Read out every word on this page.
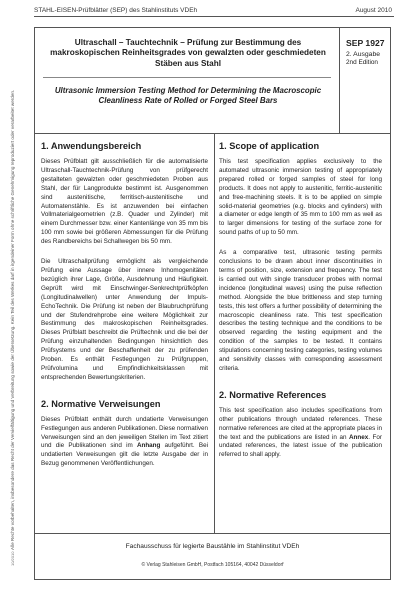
STAHL-EISEN-Prüfblätter (SEP) des Stahlinstituts VDEh	August 2010
Alle Rechte vorbehalten, insbesondere das Recht der Vervielfältigung und Verbreitung sowie der Übersetzung. Kein Teil des Werkes darf in irgendeiner Form ohne schriftliche Genehmigung reproduziert oder verarbeitet werden.
10/2010
Ultraschall – Tauchtechnik – Prüfung zur Bestimmung des makroskopischen Reinheitsgrades von gewalzten oder geschmiedeten Stäben aus Stahl
Ultrasonic Immersion Testing Method for Determining the Macroscopic Cleanliness Rate of Rolled or Forged Steel Bars
SEP 1927
2. Ausgabe
2nd Edition
1. Anwendungsbereich

Dieses Prüfblatt gilt ausschließlich für die automatisierte Ultraschall-Tauchtechnik-Prüfung von prüfgerecht gestalteten gewalzten oder geschmiedeten Proben aus Stahl, der für Langprodukte bestimmt ist. Ausgenommen sind austenitische, ferritisch-austenitische und Automatenstähle. Es ist anzuwenden bei einfachen Vollmaterialgeometrien (z.B. Quader und Zylinder) mit einem Durchmesser bzw. einer Kantenlänge von 35 mm bis 100 mm sowie bei größeren Abmessungen für die Prüfung des Randbereichs bei Schallwegen bis 50 mm.

Die Ultraschallprüfung ermöglicht als vergleichende Prüfung eine Aussage über innere Inhomogenitäten bezüglich ihrer Lage, Größe, Ausdehnung und Häufigkeit. Geprüft wird mit Einschwinger-Senkrechtprüfköpfen (Longitudinalwellen) unter Anwendung der Impuls-EchoTechnik. Die Prüfung ist neben der Blaubruchprüfung und der Stufendrehprobe eine weitere Möglichkeit zur Bestimmung des makroskopischen Reinheitsgrades. Dieses Prüfblatt beschreibt die Prüftechnik und die bei der Prüfung einzuhaltenden Bedingungen hinsichtlich des Prüfsystems und der Beschaffenheit der zu prüfenden Proben. Es enthält Festlegungen zu Prüfgruppen, Prüfvolumina und Empfindlichkeitsklassen mit entsprechenden Bewertungskriterien.

2. Normative Verweisungen

Dieses Prüfblatt enthält durch undatierte Verweisungen Festlegungen aus anderen Publikationen. Diese normativen Verweisungen sind an den jeweiligen Stellen im Text zitiert und die Publikationen sind im Anhang aufgeführt. Bei undatierten Verweisungen gilt die letzte Ausgabe der in Bezug genommenen Veröffentlichungen.

1. Scope of application

This test specification applies exclusively to the automated ultrasonic immersion testing of appropriately prepared rolled or forged samples of steel for long products. It does not apply to austenitic, ferritic-austenitic and free-machining steels. It is to be applied on simple solid-material geometries (e.g. blocks and cylinders) with a diameter or edge length of 35 mm to 100 mm as well as to larger dimensions for testing of the surface zone for sound paths of up to 50 mm.

As a comparative test, ultrasonic testing permits conclusions to be drawn about inner discontinuities in terms of position, size, extension and frequency. The test is carried out with single transducer probes with normal incidence (longitudinal waves) using the pulse reflection method. Alongside the blue brittleness and step turning tests, this test offers a further possibility of determining the macroscopic cleanliness rate. This test specification describes the testing technique and the conditions to be observed regarding the testing equipment and the condition of the samples to be tested. It contains stipulations concerning testing categories, testing volumes and sensitivity classes with corresponding assessment criteria.

2. Normative References

This test specification also includes specifications from other publications through undated references. These normative references are cited at the appropriate places in the text and the publications are listed in an Annex. For undated references, the latest issue of the publication referred to shall apply.

Fachausschuss für legierte Baustähle im Stahlinstitut VDEh
© Verlag Stahleisen GmbH, Postfach 105164, 40042 Düsseldorf
